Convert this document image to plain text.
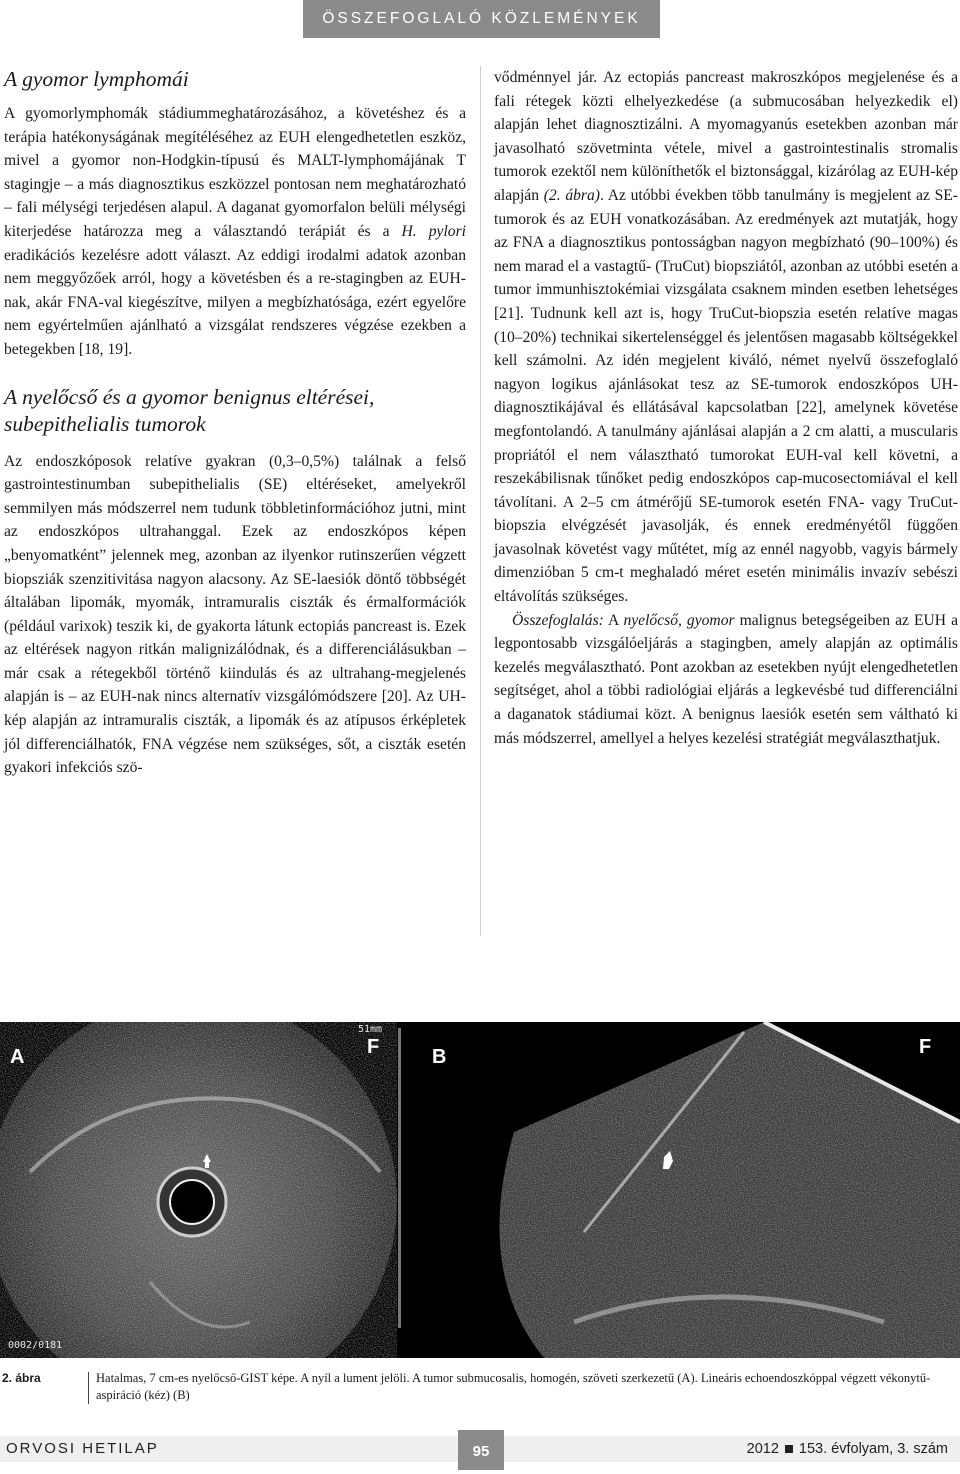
ÖSSZEFOGLALÓ KÖZLEMÉNYEK
A gyomor lymphomái

A gyomorlymphomák stádiummeghatározásához, a követéshez és a terápia hatékonyságának megítéléséhez az EUH elengedhetetlen eszköz, mivel a gyomor non-Hodgkin-típusú és MALT-lymphomájának T stagingje – a más diagnosztikus eszközzel pontosan nem meghatározható – fali mélységi terjedésen alapul. A daganat gyomorfalon belüli mélységi kiterjedése határozza meg a választandó terápiát és a H. pylori eradikációs kezelésre adott választ. Az eddigi irodalmi adatok azonban nem meggyőzőek arról, hogy a követésben és a re-stagingben az EUH-nak, akár FNA-val kiegészítve, milyen a megbízhatósága, ezért egyelőre nem egyértelműen ajánlható a vizsgálat rendszeres végzése ezekben a betegekben [18, 19].

A nyelőcső és a gyomor benignus eltérései, subepithelialis tumorok

Az endoszkóposok relatíve gyakran (0,3–0,5%) találnak a felső gastrointestinumban subepithelialis (SE) eltéréseket, amelyekről semmilyen más módszerrel nem tudunk többletinformációhoz jutni, mint az endoszkópos ultrahanggal. Ezek az endoszkópos képen „benyomatként” jelennek meg, azonban az ilyenkor rutinszerűen végzett biopsziák szenzitivitása nagyon alacsony. Az SE-laesiók döntő többségét általában lipomák, myomák, intramuralis ciszták és érmalformációk (például varixok) teszik ki, de gyakorta látunk ectopiás pancreast is. Ezek az eltérések nagyon ritkán malignizálódnak, és a differenciálásukban – már csak a rétegekből történő kiindulás és az ultrahang-megjelenés alapján is – az EUH-nak nincs alternatív vizsgálómódszere [20]. Az UH-kép alapján az intramuralis ciszták, a lipomák és az atípusos érképletek jól differenciálhatók, FNA végzése nem szükséges, sőt, a ciszták esetén gyakori infekciós szö-

vődménnyel jár. Az ectopiás pancreast makroszkópos megjelenése és a fali rétegek közti elhelyezkedése (a submucosában helyezkedik el) alapján lehet diagnosztizálni. A myomagyanús esetekben azonban már javasolható szövetminta vétele, mivel a gastrointestinalis stromalis tumorok ezektől nem különíthetők el biztonsággal, kizárólag az EUH-kép alapján (2. ábra). Az utóbbi években több tanulmány is megjelent az SE-tumorok és az EUH vonatkozásában. Az eredmények azt mutatják, hogy az FNA a diagnosztikus pontosságban nagyon megbízható (90–100%) és nem marad el a vastagtű- (TruCut) biopsziától, azonban az utóbbi esetén a tumor immunhisztokémiai vizsgálata csaknem minden esetben lehetséges [21]. Tudnunk kell azt is, hogy TruCut-biopszia esetén relatíve magas (10–20%) technikai sikertelenséggel és jelentősen magasabb költségekkel kell számolni. Az idén megjelent kiváló, német nyelvű összefoglaló nagyon logikus ajánlásokat tesz az SE-tumorok endoszkópos UH-diagnosztikájával és ellátásával kapcsolatban [22], amelynek követése megfontolandó. A tanulmány ajánlásai alapján a 2 cm alatti, a muscularis propriától el nem választható tumorokat EUH-val kell követni, a reszekábilisnak tűnőket pedig endoszkópos cap-mucosectomiával el kell távolítani. A 2–5 cm átmérőjű SE-tumorok esetén FNA- vagy TruCut-biopszia elvégzését javasolják, és ennek eredményétől függően javasolnak követést vagy műtétet, míg az ennél nagyobb, vagyis bármely dimenzióban 5 cm-t meghaladó méret esetén minimális invazív sebészi eltávolítás szükséges.

Összefoglalás: A nyelőcső, gyomor malignus betegségeiben az EUH a legpontosabb vizsgálóeljárás a stagingben, amely alapján az optimális kezelés megválasztható. Pont azokban az esetekben nyújt elengedhetetlen segítséget, ahol a többi radiológiai eljárás a legkevésbé tud differenciálni a daganatok stádiumai közt. A benignus laesiók esetén sem váltható ki más módszerrel, amellyel a helyes kezelési stratégiát megválaszthatjuk.

51mm
A	F
0002/0181
B	F
2. ábra	Hatalmas, 7 cm-es nyelőcső-GIST képe. A nyíl a lument jelöli. A tumor submucosalis, homogén, szöveti szerkezetű (A). Lineáris echoendoszkóppal végzett vékonytű-aspiráció (kéz) (B)
ORVOSI HETILAP	95	2012 153. évfolyam, 3. szám
